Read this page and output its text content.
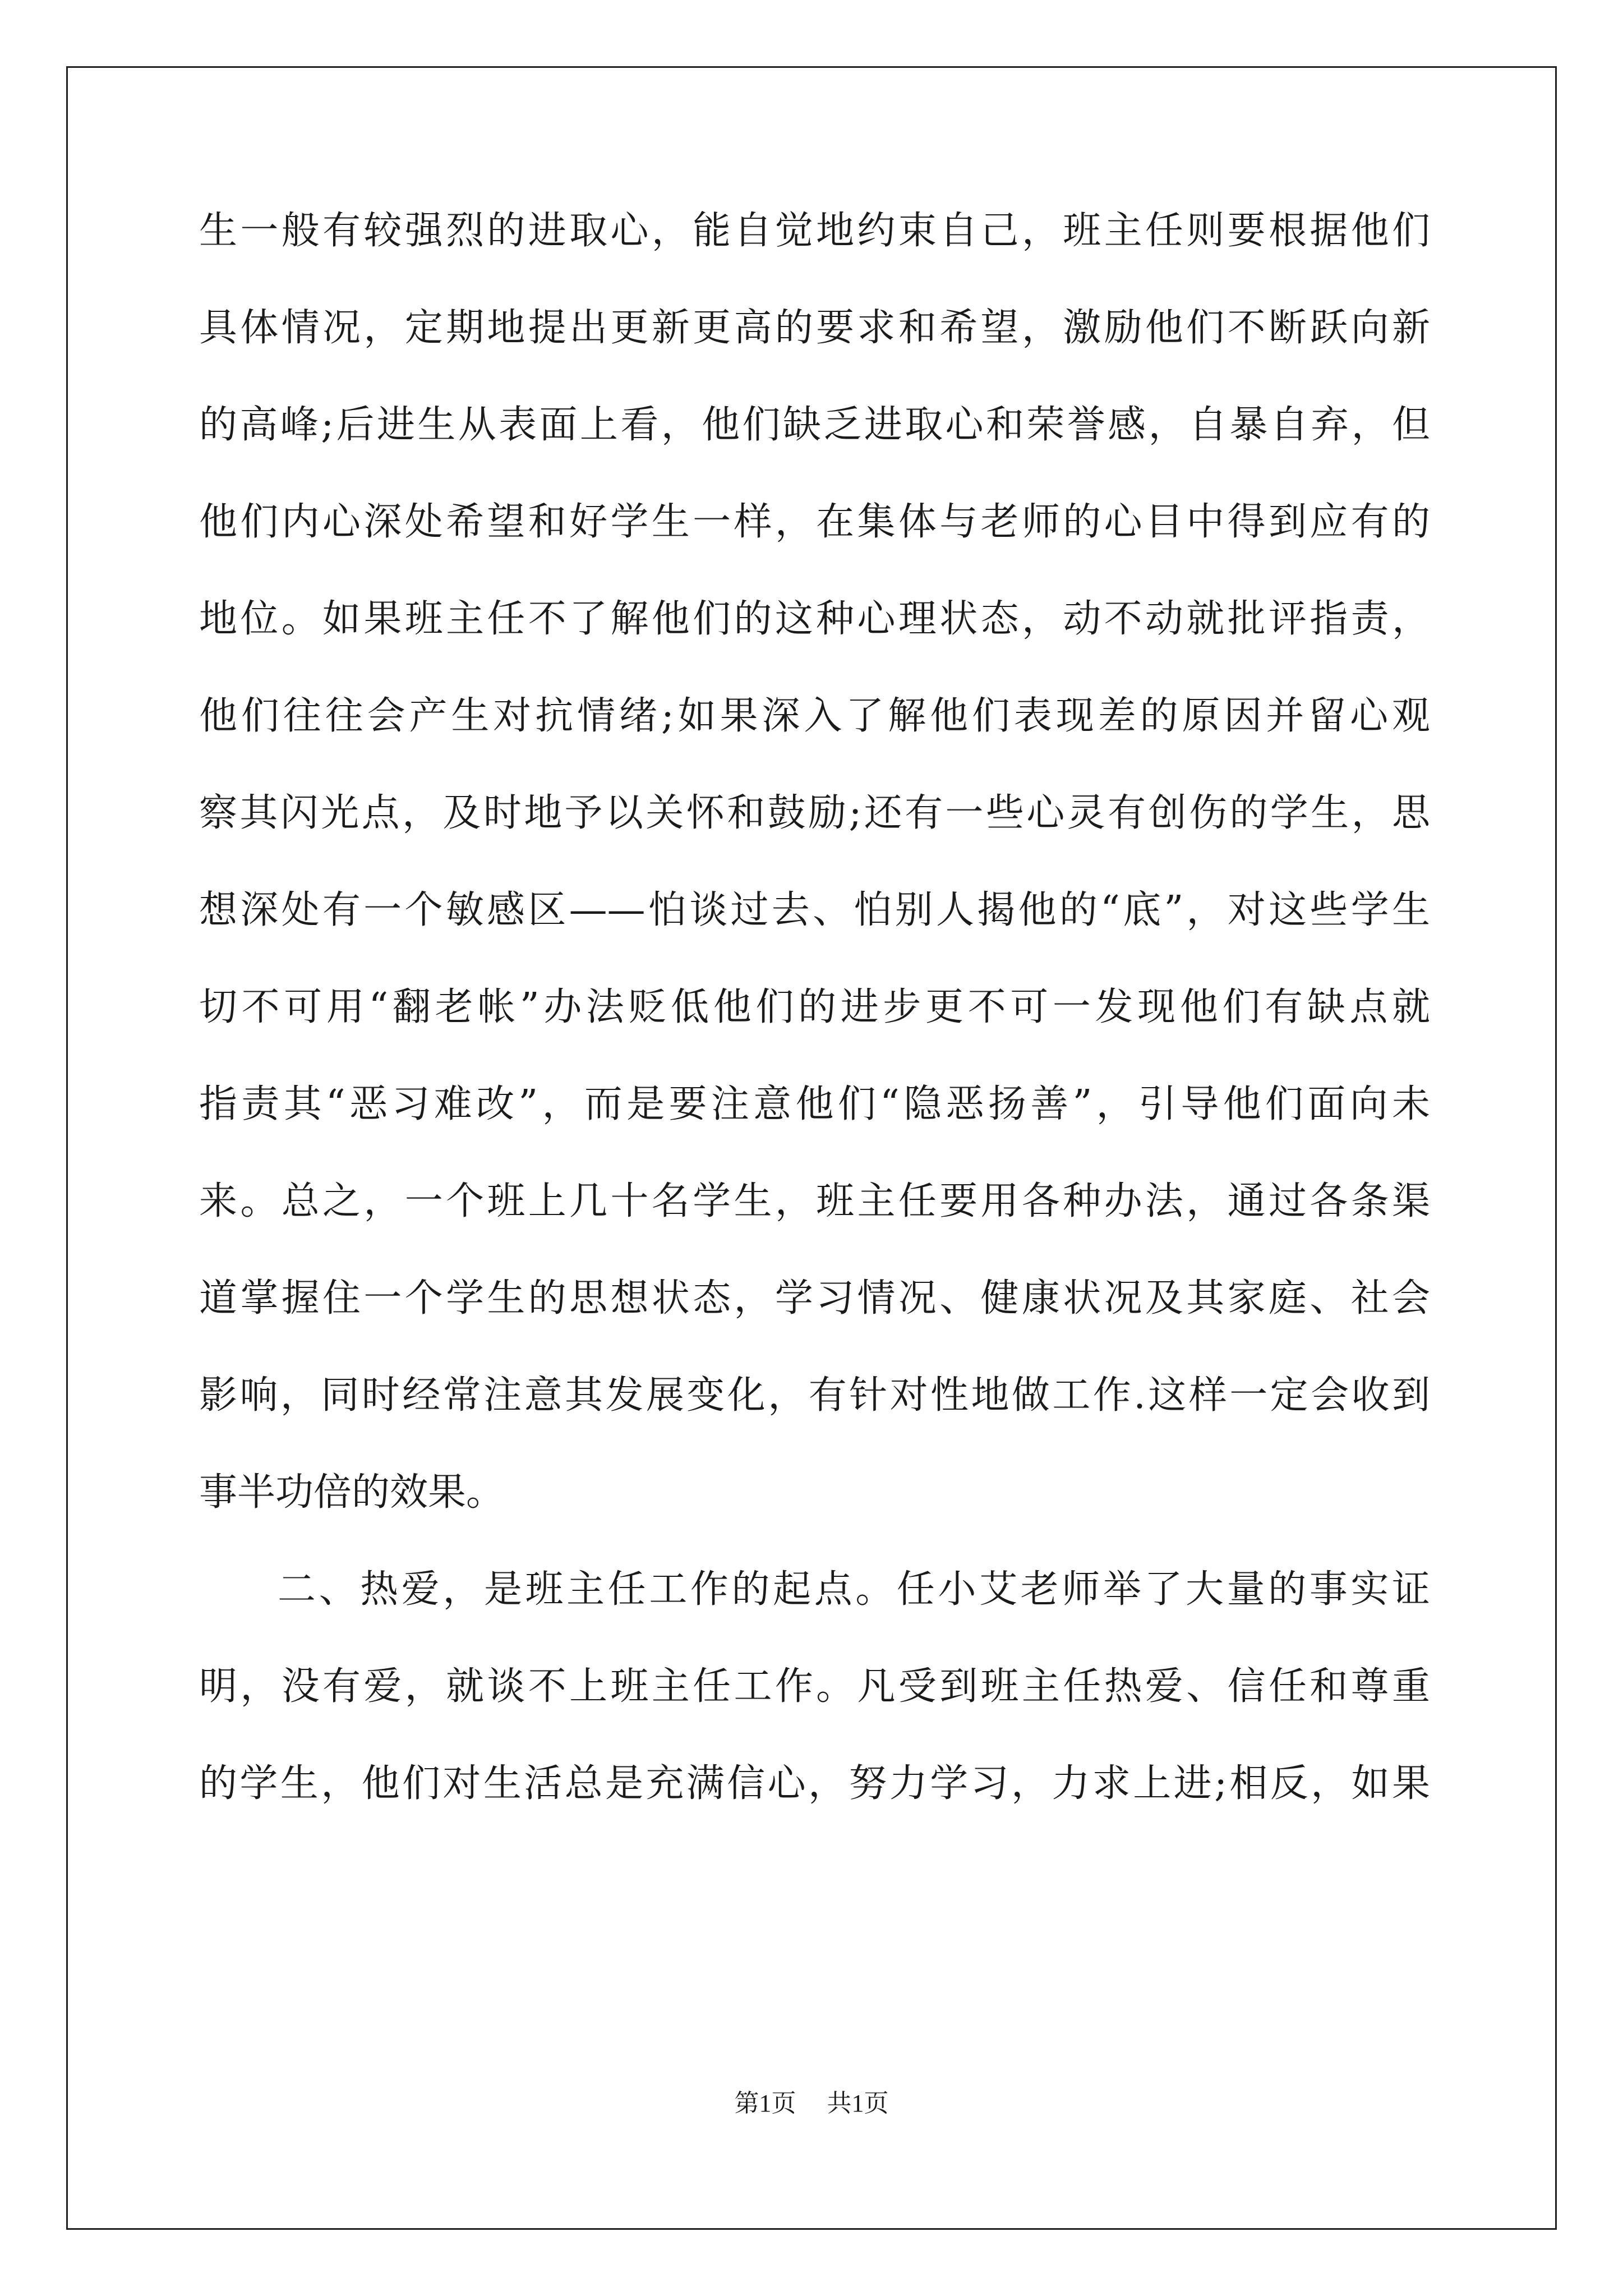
生一般有较强烈的进取心，能自觉地约束自己，班主任则要根据他们
具体情况，定期地提出更新更高的要求和希望，激励他们不断跃向新
的高峰;后进生从表面上看，他们缺乏进取心和荣誉感，自暴自弃，但
他们内心深处希望和好学生一样，在集体与老师的心目中得到应有的
地位。如果班主任不了解他们的这种心理状态，动不动就批评指责，
他们往往会产生对抗情绪;如果深入了解他们表现差的原因并留心观
察其闪光点，及时地予以关怀和鼓励;还有一些心灵有创伤的学生，思
想深处有一个敏感区——怕谈过去、怕别人揭他的“底”，对这些学生
切不可用“翻老帐”办法贬低他们的进步更不可一发现他们有缺点就
指责其“恶习难改”，而是要注意他们“隐恶扬善”，引导他们面向未
来。总之，一个班上几十名学生，班主任要用各种办法，通过各条渠
道掌握住一个学生的思想状态，学习情况、健康状况及其家庭、社会
影响，同时经常注意其发展变化，有针对性地做工作.这样一定会收到
事半功倍的效果。
二、热爱，是班主任工作的起点。任小艾老师举了大量的事实证
明，没有爱，就谈不上班主任工作。凡受到班主任热爱、信任和尊重
的学生，他们对生活总是充满信心，努力学习，力求上进;相反，如果
第1页 共1页
